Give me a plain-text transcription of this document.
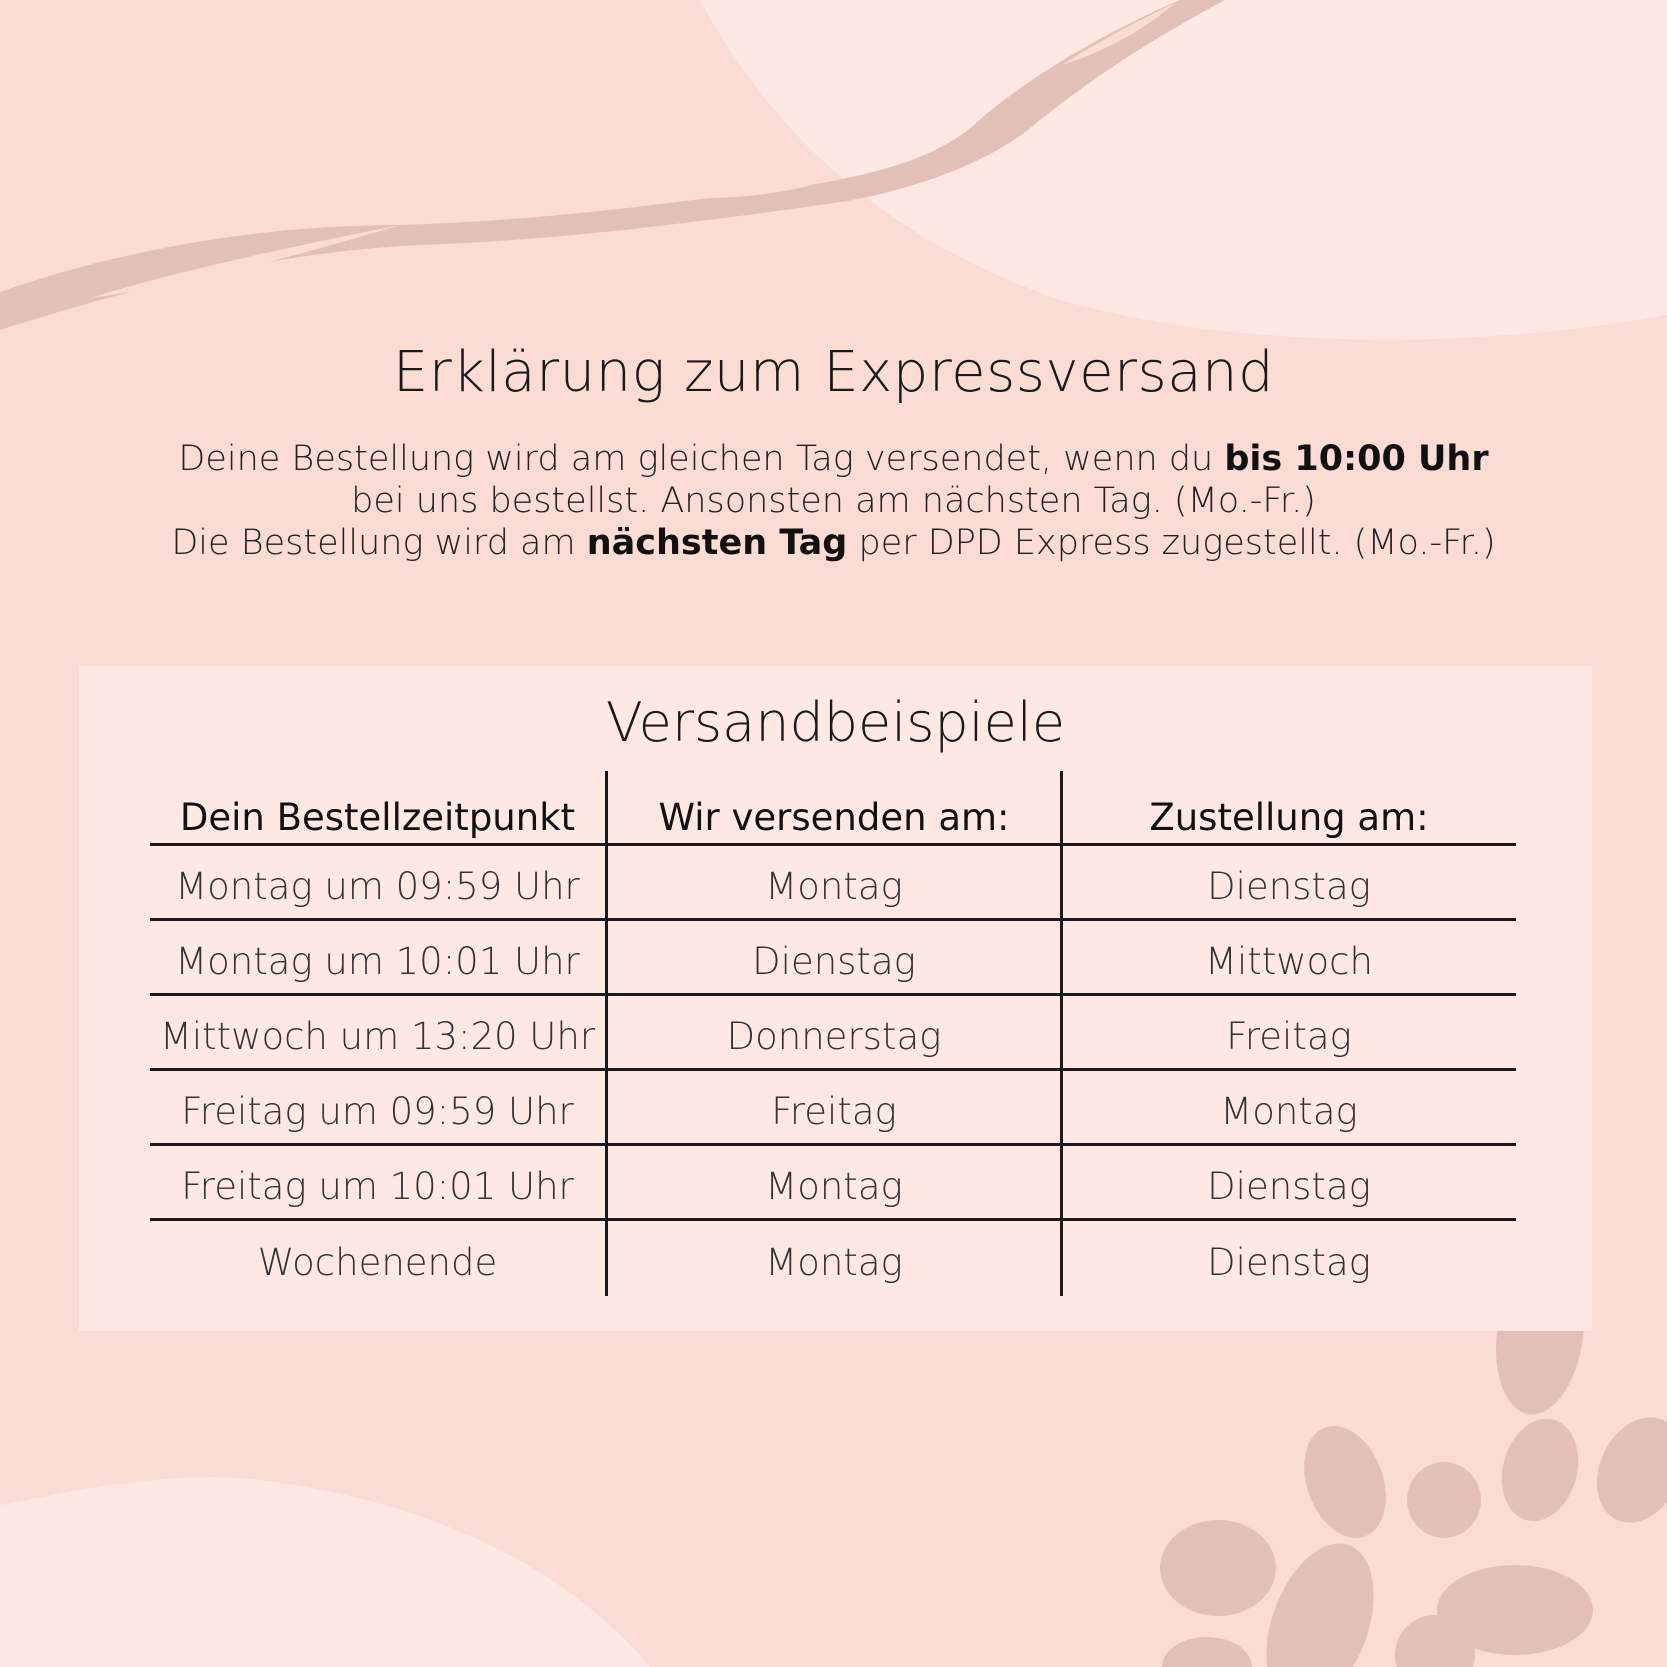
Erklärung zum Expressversand
Deine Bestellung wird am gleichen Tag versendet, wenn du bis 10:00 Uhr
bei uns bestellst. Ansonsten am nächsten Tag. (Mo.-Fr.)
Die Bestellung wird am nächsten Tag per DPD Express zugestellt. (Mo.-Fr.)
Versandbeispiele
Dein Bestellzeitpunkt	Wir versenden am:	Zustellung am:
Montag um 09:59 Uhr	Montag	Dienstag
Montag um 10:01 Uhr	Dienstag	Mittwoch
Mittwoch um 13:20 Uhr	Donnerstag	Freitag
Freitag um 09:59 Uhr	Freitag	Montag
Freitag um 10:01 Uhr	Montag	Dienstag
Wochenende	Montag	Dienstag
